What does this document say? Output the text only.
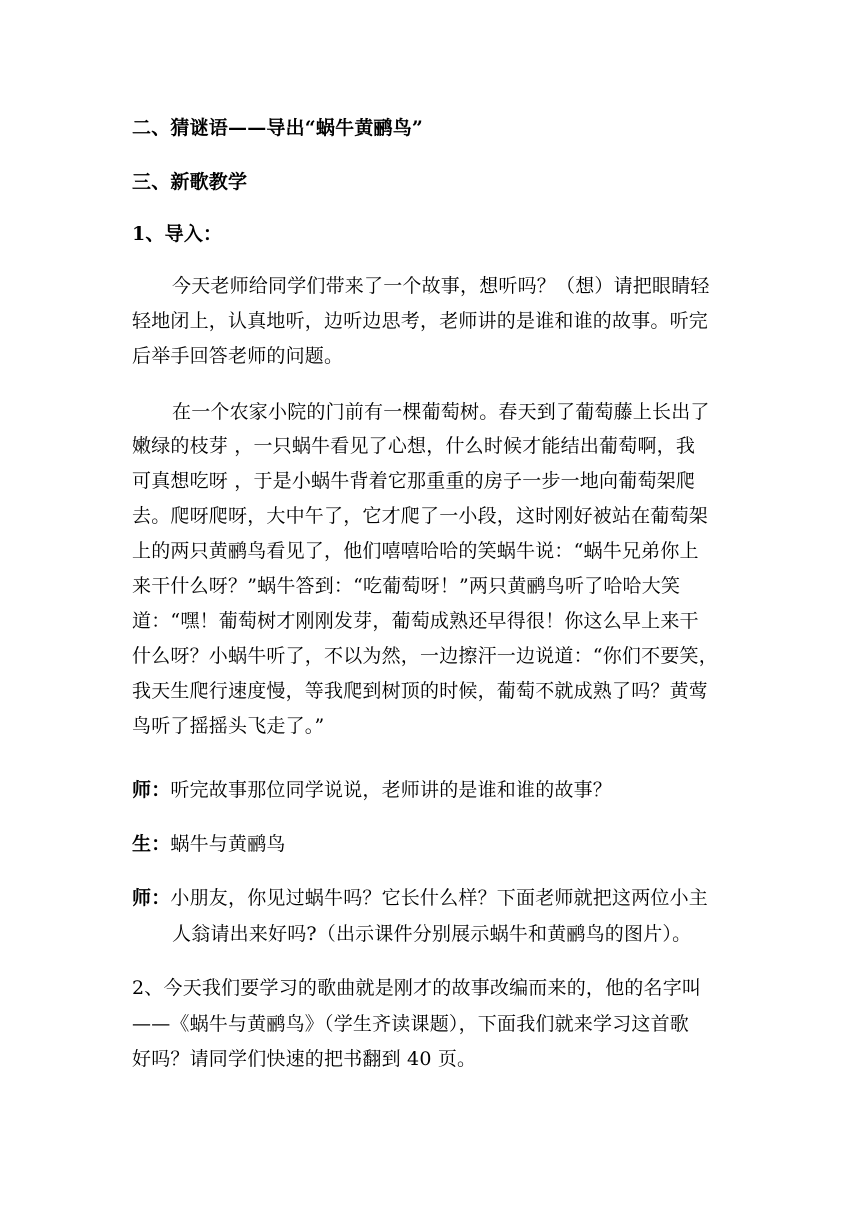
二、猜谜语——导出“蜗牛黄鹂鸟”
三、新歌教学
1、导入：
今天老师给同学们带来了一个故事，想听吗？（想）请把眼睛轻
轻地闭上，认真地听，边听边思考，老师讲的是谁和谁的故事。听完
后举手回答老师的问题。
在一个农家小院的门前有一棵葡萄树。春天到了葡萄藤上长出了
嫩绿的枝芽 ，一只蜗牛看见了心想，什么时候才能结出葡萄啊，我
可真想吃呀 ，于是小蜗牛背着它那重重的房子一步一地向葡萄架爬
去。爬呀爬呀，大中午了，它才爬了一小段，这时刚好被站在葡萄架
上的两只黄鹂鸟看见了，他们嘻嘻哈哈的笑蜗牛说：“蜗牛兄弟你上
来干什么呀？”蜗牛答到：“吃葡萄呀！”两只黄鹂鸟听了哈哈大笑
道：“嘿！葡萄树才刚刚发芽，葡萄成熟还早得很！你这么早上来干
什么呀？小蜗牛听了，不以为然，一边擦汗一边说道：“你们不要笑，
我天生爬行速度慢，等我爬到树顶的时候，葡萄不就成熟了吗？黄莺
鸟听了摇摇头飞走了。”
师：听完故事那位同学说说，老师讲的是谁和谁的故事？
生：蜗牛与黄鹂鸟
师：小朋友，你见过蜗牛吗？它长什么样？下面老师就把这两位小主
人翁请出来好吗?（出示课件分别展示蜗牛和黄鹂鸟的图片）。
2、今天我们要学习的歌曲就是刚才的故事改编而来的，他的名字叫
——《蜗牛与黄鹂鸟》（学生齐读课题），下面我们就来学习这首歌
好吗？请同学们快速的把书翻到 40 页。
